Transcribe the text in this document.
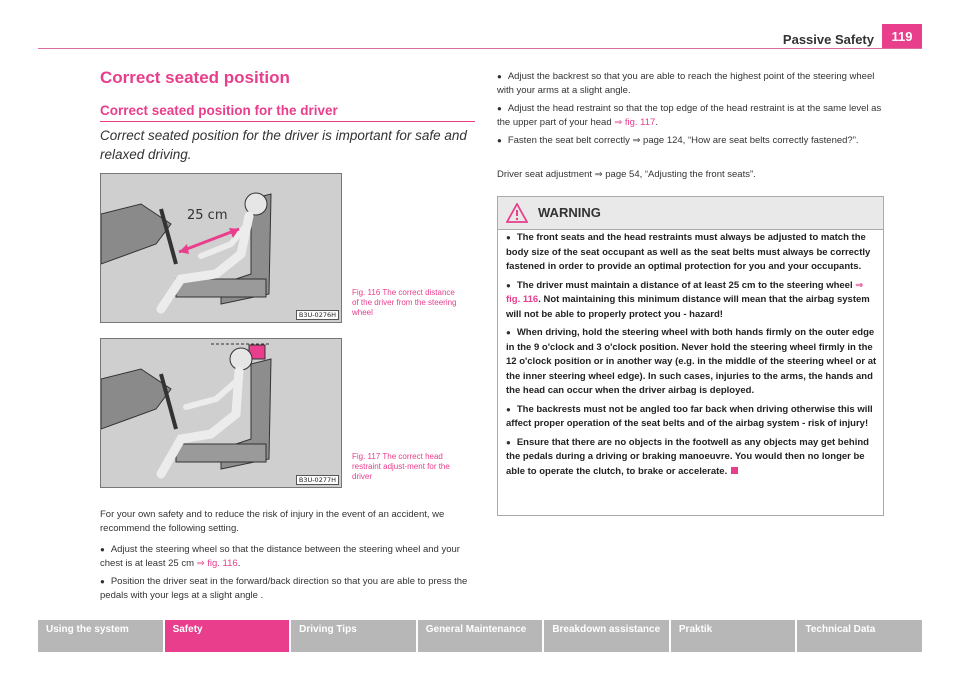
Passive Safety	119
Correct seated position
Correct seated position for the driver
Correct seated position for the driver is important for safe and relaxed driving.
25 cm
B3U-0276H
Fig. 116 The correct distance of the driver from the steering wheel
B3U-0277H
Fig. 117 The correct head restraint adjust-ment for the driver
For your own safety and to reduce the risk of injury in the event of an accident, we recommend the following setting.
● Adjust the steering wheel so that the distance between the steering wheel and your chest is at least 25 cm ⇒ fig. 116.
● Position the driver seat in the forward/back direction so that you are able to press the pedals with your legs at a slight angle .
● Adjust the backrest so that you are able to reach the highest point of the steering wheel with your arms at a slight angle.
● Adjust the head restraint so that the top edge of the head restraint is at the same level as the upper part of your head ⇒ fig. 117.
● Fasten the seat belt correctly ⇒ page 124, “How are seat belts correctly fastened?”.
Driver seat adjustment ⇒ page 54, “Adjusting the front seats”.
WARNING

● The front seats and the head restraints must always be adjusted to match the body size of the seat occupant as well as the seat belts must always be correctly fastened in order to provide an optimal protection for you and your occupants.

● The driver must maintain a distance of at least 25 cm to the steering wheel ⇒ fig. 116. Not maintaining this minimum distance will mean that the airbag system will not be able to properly protect you - hazard!

● When driving, hold the steering wheel with both hands firmly on the outer edge in the 9 o'clock and 3 o'clock position. Never hold the steering wheel firmly in the 12 o'clock position or in another way (e.g. in the middle of the steering wheel or at the inner steering wheel edge). In such cases, injuries to the arms, the hands and the head can occur when the driver airbag is deployed.

● The backrests must not be angled too far back when driving otherwise this will affect proper operation of the seat belts and of the airbag system - risk of injury!

● Ensure that there are no objects in the footwell as any objects may get behind the pedals during a driving or braking manoeuvre. You would then no longer be able to operate the clutch, to brake or accelerate.

Using the system	Safety	Driving Tips	General Maintenance	Breakdown assistance	Praktik	Technical Data
